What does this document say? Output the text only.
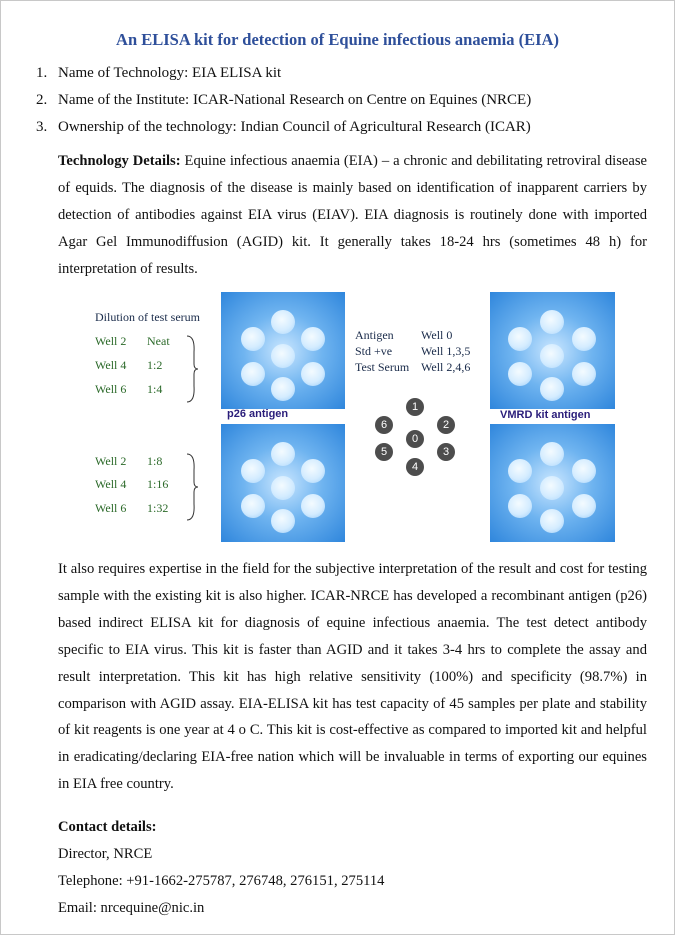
An ELISA kit for detection of Equine infectious anaemia (EIA)
1. Name of Technology: EIA ELISA kit
2. Name of the Institute: ICAR-National Research on Centre on Equines (NRCE)
3. Ownership of the technology: Indian Council of Agricultural Research (ICAR)

Technology Details: Equine infectious anaemia (EIA) – a chronic and debilitating retroviral disease of equids. The diagnosis of the disease is mainly based on identification of inapparent carriers by detection of antibodies against EIA virus (EIAV). EIA diagnosis is routinely done with imported Agar Gel Immunodiffusion (AGID) kit. It generally takes 18-24 hrs (sometimes 48 h) for interpretation of results.

Dilution of test serum
Well 2 Neat
Well 4 1:2
Well 6 1:4
Well 2 1:8
Well 4 1:16
Well 6 1:32
p26 antigen
Antigen Well 0
Std +ve Well 1,3,5
Test Serum Well 2,4,6
1
6	2
0
5	3
4
VMRD kit antigen

It also requires expertise in the field for the subjective interpretation of the result and cost for testing sample with the existing kit is also higher. ICAR-NRCE has developed a recombinant antigen (p26) based indirect ELISA kit for diagnosis of equine infectious anaemia. The test detect antibody specific to EIA virus. This kit is faster than AGID and it takes 3-4 hrs to complete the assay and result interpretation. This kit has high relative sensitivity (100%) and specificity (98.7%) in comparison with AGID assay. EIA-ELISA kit has test capacity of 45 samples per plate and stability of kit reagents is one year at 4 o C. This kit is cost-effective as compared to imported kit and helpful in eradicating/declaring EIA-free nation which will be invaluable in terms of exporting our equines in EIA free country.

Contact details:
Director, NRCE
Telephone: +91-1662-275787, 276748, 276151, 275114
Email: nrcequine@nic.in
